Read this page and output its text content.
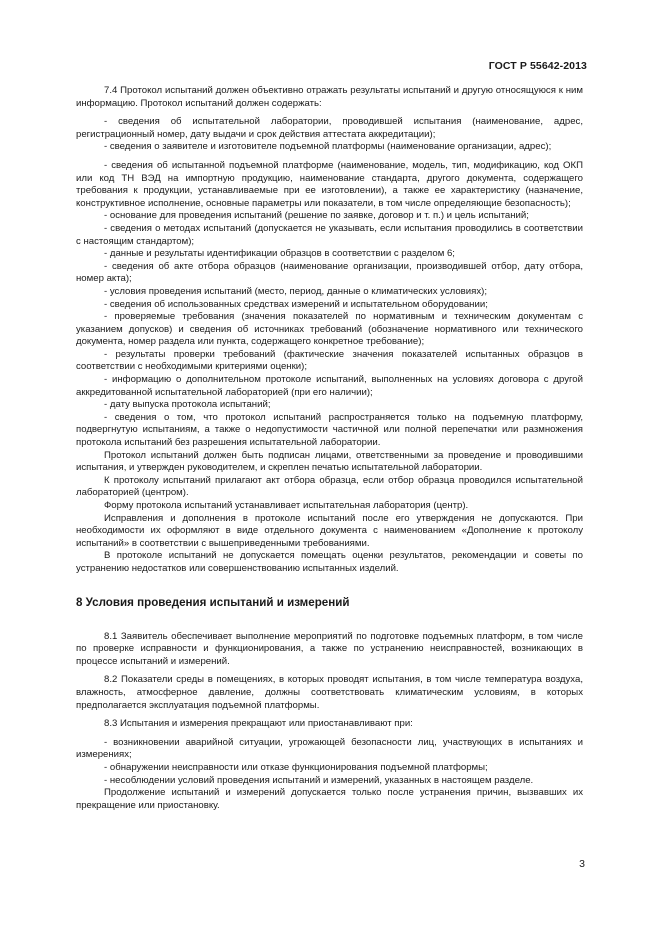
ГОСТ Р 55642-2013

7.4 Протокол испытаний должен объективно отражать результаты испытаний и другую относящуюся к ним информацию. Протокол испытаний должен содержать:

- сведения об испытательной лаборатории, проводившей испытания (наименование, адрес, регистрационный номер, дату выдачи и срок действия аттестата аккредитации);

- сведения о заявителе и изготовителе подъемной платформы (наименование организации, адрес);

- сведения об испытанной подъемной платформе (наименование, модель, тип, модификацию, код ОКП или код ТН ВЭД на импортную продукцию, наименование стандарта, другого документа, содержащего требования к продукции, устанавливаемые при ее изготовлении), а также ее характеристику (назначение, конструктивное исполнение, основные параметры или показатели, в том числе определяющие безопасность);

- основание для проведения испытаний (решение по заявке, договор и т. п.) и цель испытаний;

- сведения о методах испытаний (допускается не указывать, если испытания проводились в соответствии с настоящим стандартом);

- данные и результаты идентификации образцов в соответствии с разделом 6;

- сведения об акте отбора образцов (наименование организации, производившей отбор, дату отбора, номер акта);

- условия проведения испытаний (место, период, данные о климатических условиях);

- сведения об использованных средствах измерений и испытательном оборудовании;

- проверяемые требования (значения показателей по нормативным и техническим документам с указанием допусков) и сведения об источниках требований (обозначение нормативного или технического документа, номер раздела или пункта, содержащего конкретное требование);

- результаты проверки требований (фактические значения показателей испытанных образцов в соответствии с необходимыми критериями оценки);

- информацию о дополнительном протоколе испытаний, выполненных на условиях договора с другой аккредитованной испытательной лабораторией (при его наличии);

- дату выпуска протокола испытаний;

- сведения о том, что протокол испытаний распространяется только на подъемную платформу, подвергнутую испытаниям, а также о недопустимости частичной или полной перепечатки или размножения протокола испытаний без разрешения испытательной лаборатории.

Протокол испытаний должен быть подписан лицами, ответственными за проведение и проводившими испытания, и утвержден руководителем, и скреплен печатью испытательной лаборатории.

К протоколу испытаний прилагают акт отбора образца, если отбор образца проводился испытательной лабораторией (центром).

Форму протокола испытаний устанавливает испытательная лаборатория (центр).

Исправления и дополнения в протоколе испытаний после его утверждения не допускаются. При необходимости их оформляют в виде отдельного документа с наименованием «Дополнение к протоколу испытаний» в соответствии с вышеприведенными требованиями.

В протоколе испытаний не допускается помещать оценки результатов, рекомендации и советы по устранению недостатков или совершенствованию испытанных изделий.

8 Условия проведения испытаний и измерений

8.1 Заявитель обеспечивает выполнение мероприятий по подготовке подъемных платформ, в том числе по проверке исправности и функционирования, а также по устранению неисправностей, возникающих в процессе испытаний и измерений.

8.2 Показатели среды в помещениях, в которых проводят испытания, в том числе температура воздуха, влажность, атмосферное давление, должны соответствовать климатическим условиям, в которых предполагается эксплуатация подъемной платформы.

8.3 Испытания и измерения прекращают или приостанавливают при:

- возникновении аварийной ситуации, угрожающей безопасности лиц, участвующих в испытаниях и измерениях;

- обнаружении неисправности или отказе функционирования подъемной платформы;

- несоблюдении условий проведения испытаний и измерений, указанных в настоящем разделе.

Продолжение испытаний и измерений допускается только после устранения причин, вызвавших их прекращение или приостановку.

3
